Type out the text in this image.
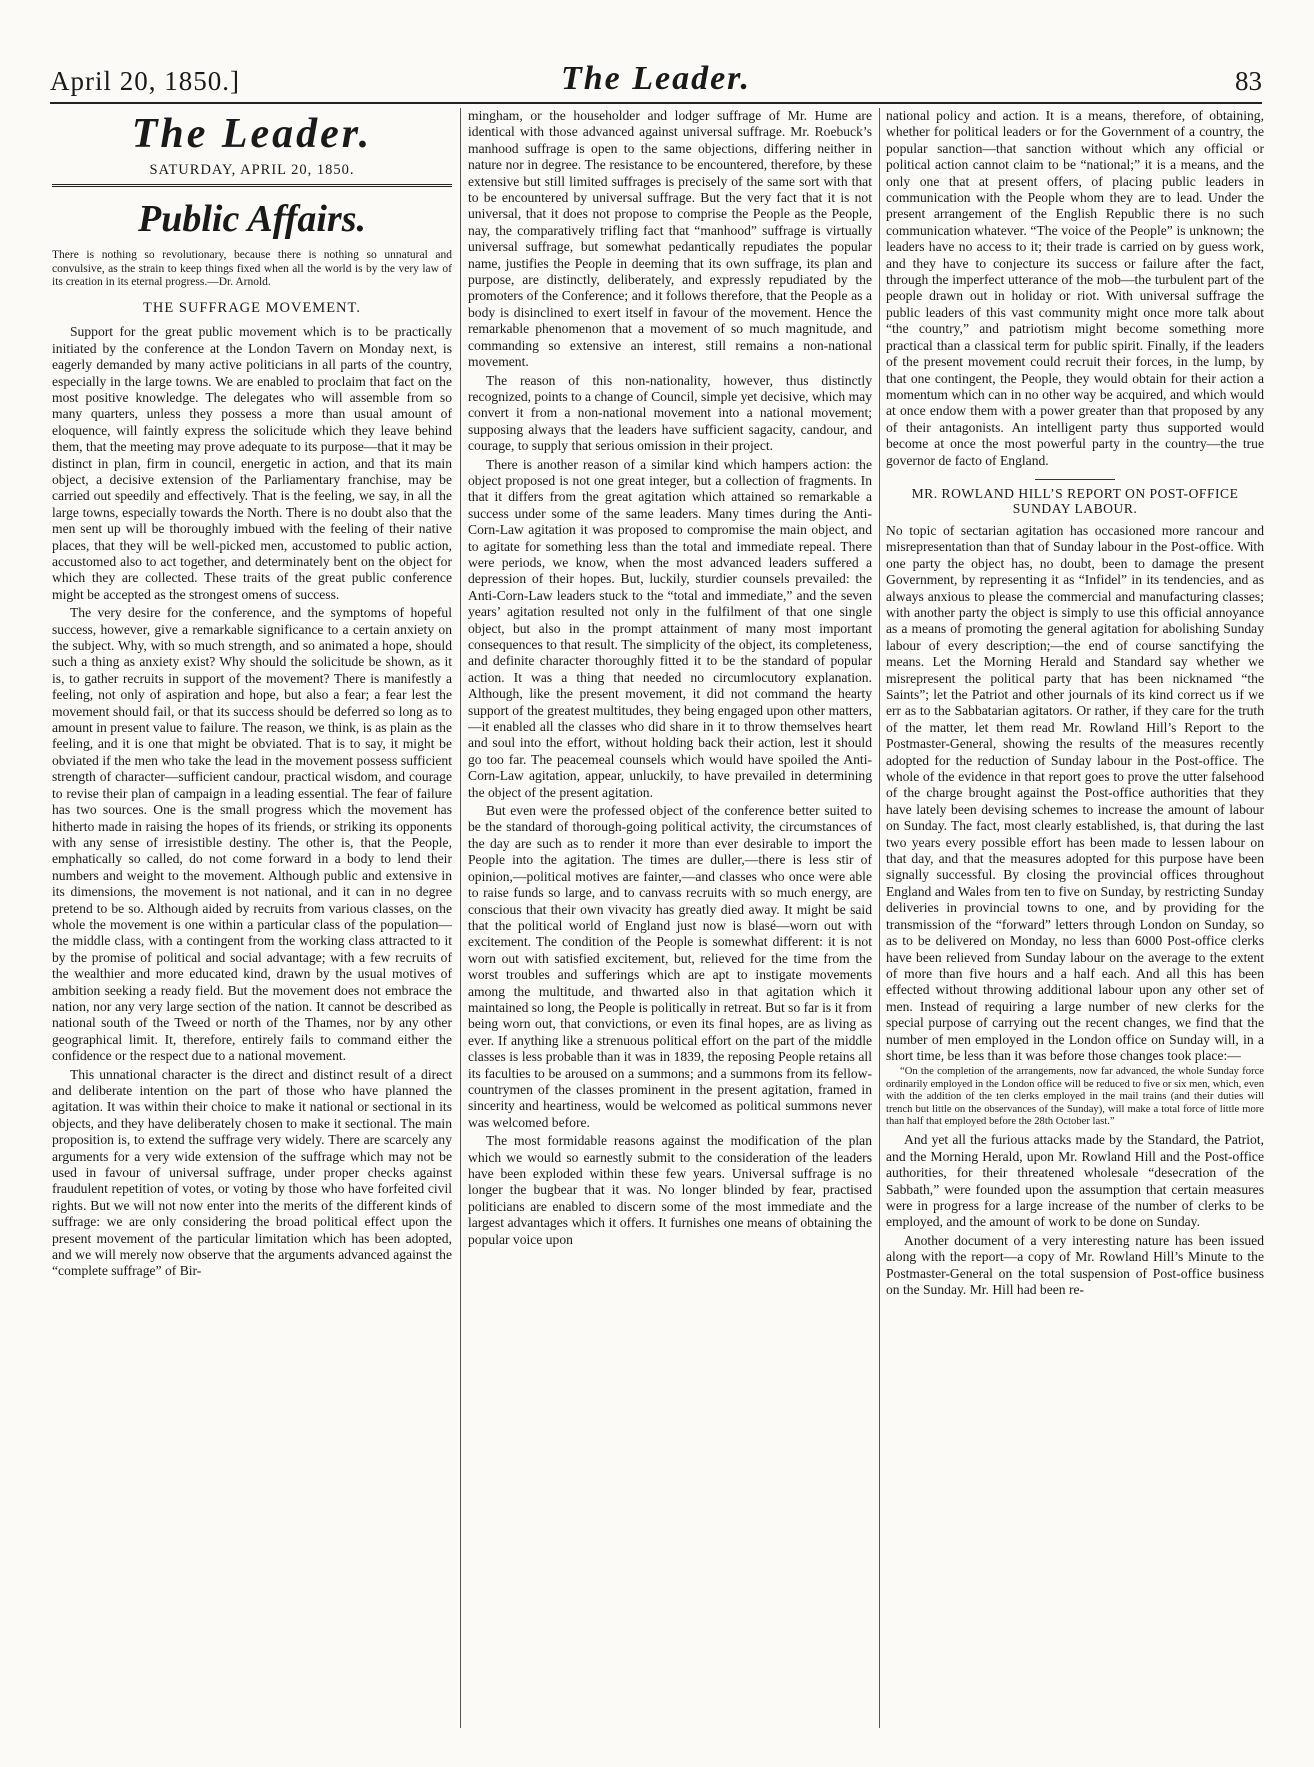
April 20, 1850.]	The Leader.	83
The Leader.
SATURDAY, APRIL 20, 1850.
Public Affairs.

There is nothing so revolutionary, because there is nothing so unnatural and convulsive, as the strain to keep things fixed when all the world is by the very law of its creation in its eternal progress.—Dr. Arnold.

THE SUFFRAGE MOVEMENT.

Support for the great public movement which is to be practically initiated by the conference at the London Tavern on Monday next, is eagerly demanded by many active politicians in all parts of the country, especially in the large towns. We are enabled to proclaim that fact on the most positive knowledge. The delegates who will assemble from so many quarters, unless they possess a more than usual amount of eloquence, will faintly express the solicitude which they leave behind them, that the meeting may prove adequate to its purpose—that it may be distinct in plan, firm in council, energetic in action, and that its main object, a decisive extension of the Parliamentary franchise, may be carried out speedily and effectively. That is the feeling, we say, in all the large towns, especially towards the North. There is no doubt also that the men sent up will be thoroughly imbued with the feeling of their native places, that they will be well-picked men, accustomed to public action, accustomed also to act together, and determinately bent on the object for which they are collected. These traits of the great public conference might be accepted as the strongest omens of success.

The very desire for the conference, and the symptoms of hopeful success, however, give a remarkable significance to a certain anxiety on the subject. Why, with so much strength, and so animated a hope, should such a thing as anxiety exist? Why should the solicitude be shown, as it is, to gather recruits in support of the movement? There is manifestly a feeling, not only of aspiration and hope, but also a fear; a fear lest the movement should fail, or that its success should be deferred so long as to amount in present value to failure. The reason, we think, is as plain as the feeling, and it is one that might be obviated. That is to say, it might be obviated if the men who take the lead in the movement possess sufficient strength of character—sufficient candour, practical wisdom, and courage to revise their plan of campaign in a leading essential. The fear of failure has two sources. One is the small progress which the movement has hitherto made in raising the hopes of its friends, or striking its opponents with any sense of irresistible destiny. The other is, that the People, emphatically so called, do not come forward in a body to lend their numbers and weight to the movement. Although public and extensive in its dimensions, the movement is not national, and it can in no degree pretend to be so. Although aided by recruits from various classes, on the whole the movement is one within a particular class of the population—the middle class, with a contingent from the working class attracted to it by the promise of political and social advantage; with a few recruits of the wealthier and more educated kind, drawn by the usual motives of ambition seeking a ready field. But the movement does not embrace the nation, nor any very large section of the nation. It cannot be described as national south of the Tweed or north of the Thames, nor by any other geographical limit. It, therefore, entirely fails to command either the confidence or the respect due to a national movement.

This unnational character is the direct and distinct result of a direct and deliberate intention on the part of those who have planned the agitation. It was within their choice to make it national or sectional in its objects, and they have deliberately chosen to make it sectional. The main proposition is, to extend the suffrage very widely. There are scarcely any arguments for a very wide extension of the suffrage which may not be used in favour of universal suffrage, under proper checks against fraudulent repetition of votes, or voting by those who have forfeited civil rights. But we will not now enter into the merits of the different kinds of suffrage: we are only considering the broad political effect upon the present movement of the particular limitation which has been adopted, and we will merely now observe that the arguments advanced against the “complete suffrage” of Bir-

mingham, or the householder and lodger suffrage of Mr. Hume are identical with those advanced against universal suffrage. Mr. Roebuck’s manhood suffrage is open to the same objections, differing neither in nature nor in degree. The resistance to be encountered, therefore, by these extensive but still limited suffrages is precisely of the same sort with that to be encountered by universal suffrage. But the very fact that it is not universal, that it does not propose to comprise the People as the People, nay, the comparatively trifling fact that “manhood” suffrage is virtually universal suffrage, but somewhat pedantically repudiates the popular name, justifies the People in deeming that its own suffrage, its plan and purpose, are distinctly, deliberately, and expressly repudiated by the promoters of the Conference; and it follows therefore, that the People as a body is disinclined to exert itself in favour of the movement. Hence the remarkable phenomenon that a movement of so much magnitude, and commanding so extensive an interest, still remains a non-national movement.

The reason of this non-nationality, however, thus distinctly recognized, points to a change of Council, simple yet decisive, which may convert it from a non-national movement into a national movement; supposing always that the leaders have sufficient sagacity, candour, and courage, to supply that serious omission in their project.

There is another reason of a similar kind which hampers action: the object proposed is not one great integer, but a collection of fragments. In that it differs from the great agitation which attained so remarkable a success under some of the same leaders. Many times during the Anti-Corn-Law agitation it was proposed to compromise the main object, and to agitate for something less than the total and immediate repeal. There were periods, we know, when the most advanced leaders suffered a depression of their hopes. But, luckily, sturdier counsels prevailed: the Anti-Corn-Law leaders stuck to the “total and immediate,” and the seven years’ agitation resulted not only in the fulfilment of that one single object, but also in the prompt attainment of many most important consequences to that result. The simplicity of the object, its completeness, and definite character thoroughly fitted it to be the standard of popular action. It was a thing that needed no circumlocutory explanation. Although, like the present movement, it did not command the hearty support of the greatest multitudes, they being engaged upon other matters, —it enabled all the classes who did share in it to throw themselves heart and soul into the effort, without holding back their action, lest it should go too far. The peacemeal counsels which would have spoiled the Anti-Corn-Law agitation, appear, unluckily, to have prevailed in determining the object of the present agitation.

But even were the professed object of the conference better suited to be the standard of thorough-going political activity, the circumstances of the day are such as to render it more than ever desirable to import the People into the agitation. The times are duller,—there is less stir of opinion,—political motives are fainter,—and classes who once were able to raise funds so large, and to canvass recruits with so much energy, are conscious that their own vivacity has greatly died away. It might be said that the political world of England just now is blasé—worn out with excitement. The condition of the People is somewhat different: it is not worn out with satisfied excitement, but, relieved for the time from the worst troubles and sufferings which are apt to instigate movements among the multitude, and thwarted also in that agitation which it maintained so long, the People is politically in retreat. But so far is it from being worn out, that convictions, or even its final hopes, are as living as ever. If anything like a strenuous political effort on the part of the middle classes is less probable than it was in 1839, the reposing People retains all its faculties to be aroused on a summons; and a summons from its fellow-countrymen of the classes prominent in the present agitation, framed in sincerity and heartiness, would be welcomed as political summons never was welcomed before.

The most formidable reasons against the modification of the plan which we would so earnestly submit to the consideration of the leaders have been exploded within these few years. Universal suffrage is no longer the bugbear that it was. No longer blinded by fear, practised politicians are enabled to discern some of the most immediate and the largest advantages which it offers. It furnishes one means of obtaining the popular voice upon

national policy and action. It is a means, therefore, of obtaining, whether for political leaders or for the Government of a country, the popular sanction—that sanction without which any official or political action cannot claim to be “national;” it is a means, and the only one that at present offers, of placing public leaders in communication with the People whom they are to lead. Under the present arrangement of the English Republic there is no such communication whatever. “The voice of the People” is unknown; the leaders have no access to it; their trade is carried on by guess work, and they have to conjecture its success or failure after the fact, through the imperfect utterance of the mob—the turbulent part of the people drawn out in holiday or riot. With universal suffrage the public leaders of this vast community might once more talk about “the country,” and patriotism might become something more practical than a classical term for public spirit. Finally, if the leaders of the present movement could recruit their forces, in the lump, by that one contingent, the People, they would obtain for their action a momentum which can in no other way be acquired, and which would at once endow them with a power greater than that proposed by any of their antagonists. An intelligent party thus supported would become at once the most powerful party in the country—the true governor de facto of England.

MR. ROWLAND HILL’S REPORT ON POST-OFFICE SUNDAY LABOUR.

No topic of sectarian agitation has occasioned more rancour and misrepresentation than that of Sunday labour in the Post-office. With one party the object has, no doubt, been to damage the present Government, by representing it as “Infidel” in its tendencies, and as always anxious to please the commercial and manufacturing classes; with another party the object is simply to use this official annoyance as a means of promoting the general agitation for abolishing Sunday labour of every description;—the end of course sanctifying the means. Let the Morning Herald and Standard say whether we misrepresent the political party that has been nicknamed “the Saints”; let the Patriot and other journals of its kind correct us if we err as to the Sabbatarian agitators. Or rather, if they care for the truth of the matter, let them read Mr. Rowland Hill’s Report to the Postmaster-General, showing the results of the measures recently adopted for the reduction of Sunday labour in the Post-office. The whole of the evidence in that report goes to prove the utter falsehood of the charge brought against the Post-office authorities that they have lately been devising schemes to increase the amount of labour on Sunday. The fact, most clearly established, is, that during the last two years every possible effort has been made to lessen labour on that day, and that the measures adopted for this purpose have been signally successful. By closing the provincial offices throughout England and Wales from ten to five on Sunday, by restricting Sunday deliveries in provincial towns to one, and by providing for the transmission of the “forward” letters through London on Sunday, so as to be delivered on Monday, no less than 6000 Post-office clerks have been relieved from Sunday labour on the average to the extent of more than five hours and a half each. And all this has been effected without throwing additional labour upon any other set of men. Instead of requiring a large number of new clerks for the special purpose of carrying out the recent changes, we find that the number of men employed in the London office on Sunday will, in a short time, be less than it was before those changes took place:—

“On the completion of the arrangements, now far advanced, the whole Sunday force ordinarily employed in the London office will be reduced to five or six men, which, even with the addition of the ten clerks employed in the mail trains (and their duties will trench but little on the observances of the Sunday), will make a total force of little more than half that employed before the 28th October last.”

And yet all the furious attacks made by the Standard, the Patriot, and the Morning Herald, upon Mr. Rowland Hill and the Post-office authorities, for their threatened wholesale “desecration of the Sabbath,” were founded upon the assumption that certain measures were in progress for a large increase of the number of clerks to be employed, and the amount of work to be done on Sunday.

Another document of a very interesting nature has been issued along with the report—a copy of Mr. Rowland Hill’s Minute to the Postmaster-General on the total suspension of Post-office business on the Sunday. Mr. Hill had been re-
